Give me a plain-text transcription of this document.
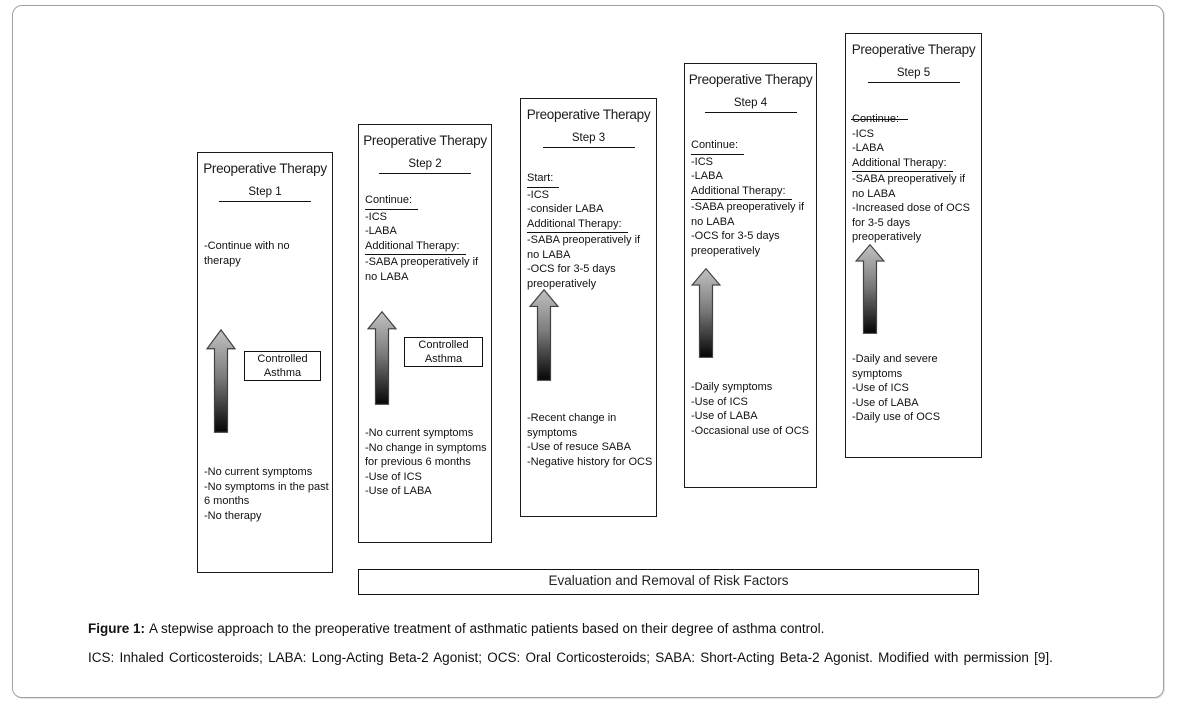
Preoperative Therapy
Step 1
-Continue with no therapy
Controlled Asthma
-No current symptoms
-No symptoms in the past 6 months
-No therapy
Preoperative Therapy
Step 2
Continue:
-ICS
-LABA
Additional Therapy:
-SABA preoperatively if no LABA
Controlled Asthma
-No current symptoms
-No change in symptoms for previous 6 months
-Use of ICS
-Use of LABA
Preoperative Therapy
Step 3
Start:
-ICS
-consider LABA
Additional Therapy:
-SABA preoperatively if no LABA
-OCS for 3-5 days preoperatively
-Recent change in symptoms
-Use of resuce SABA
-Negative history for OCS
Preoperative Therapy
Step 4
Continue:
-ICS
-LABA
Additional Therapy:
-SABA preoperatively if no LABA
-OCS for 3-5 days preoperatively
-Daily symptoms
-Use of ICS
-Use of LABA
-Occasional use of OCS
Preoperative Therapy
Step 5
Continue:
-ICS
-LABA
Additional Therapy:
-SABA preoperatively if no LABA
-Increased dose of OCS for 3-5 days preoperatively
-Daily and severe symptoms
-Use of ICS
-Use of LABA
-Daily use of OCS
Evaluation and Removal of Risk Factors
Figure 1: A stepwise approach to the preoperative treatment of asthmatic patients based on their degree of asthma control.
ICS: Inhaled Corticosteroids; LABA: Long-Acting Beta-2 Agonist; OCS: Oral Corticosteroids; SABA: Short-Acting Beta-2 Agonist. Modified with permission [9].
